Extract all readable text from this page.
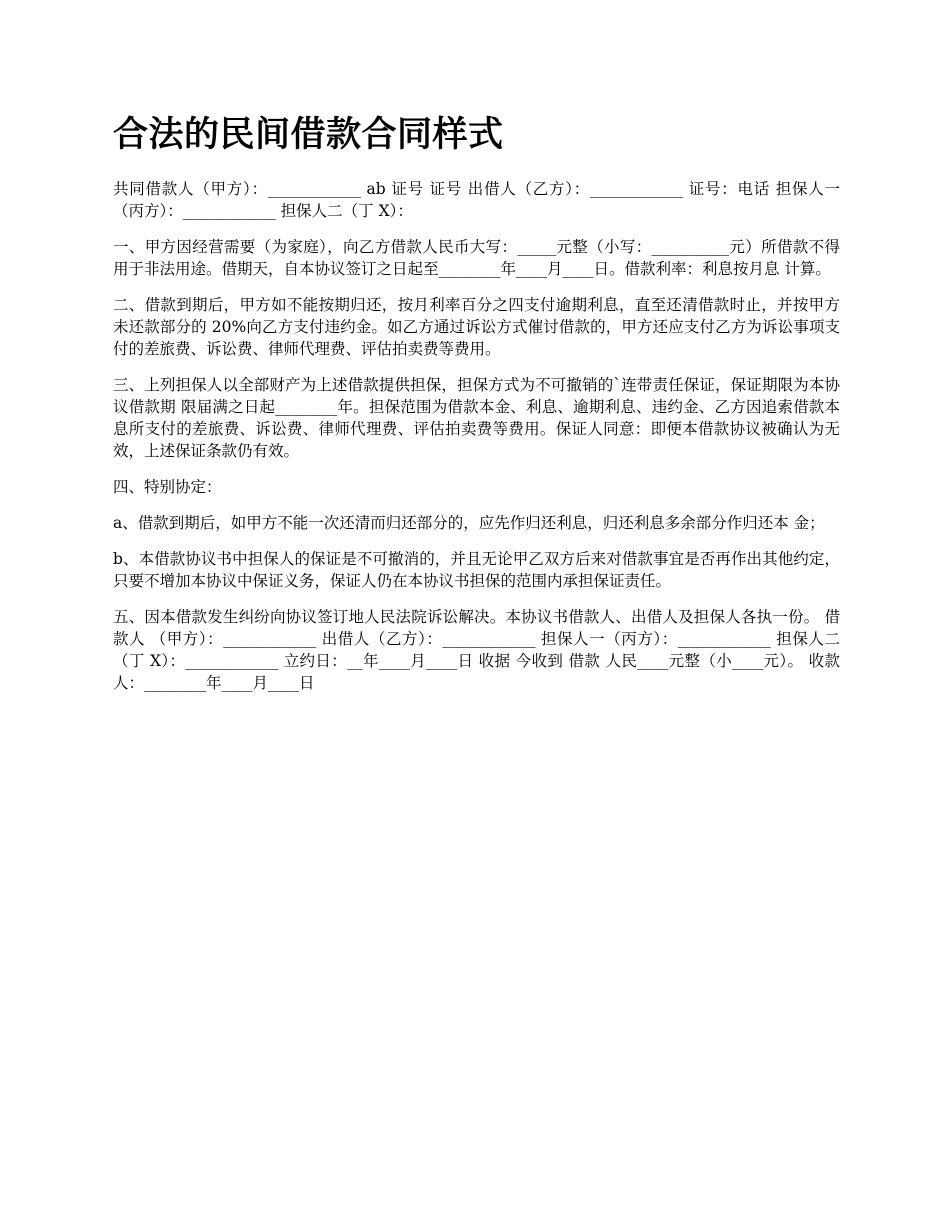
合法的民间借款合同样式

共同借款人（甲方）：____________ ab 证号 证号 出借人（乙方）：____________ 证号：电话 担保人一（丙方）：____________ 担保人二（丁 X）：

一、甲方因经营需要（为家庭），向乙方借款人民币大写：_____元整（小写：__________元）所借款不得用于非法用途。借期天，自本协议签订之日起至________年____月____日。借款利率：利息按月息 计算。

二、借款到期后，甲方如不能按期归还，按月利率百分之四支付逾期利息，直至还清借款时止，并按甲方未还款部分的 20%向乙方支付违约金。如乙方通过诉讼方式催讨借款的，甲方还应支付乙方为诉讼事项支付的差旅费、诉讼费、律师代理费、评估拍卖费等费用。

三、上列担保人以全部财产为上述借款提供担保，担保方式为不可撤销的`连带责任保证，保证期限为本协议借款期 限届满之日起________年。担保范围为借款本金、利息、逾期利息、违约金、乙方因追索借款本息所支付的差旅费、诉讼费、律师代理费、评估拍卖费等费用。保证人同意：即便本借款协议被确认为无效，上述保证条款仍有效。

四、特别协定：

a、借款到期后，如甲方不能一次还清而归还部分的，应先作归还利息，归还利息多余部分作归还本 金；

b、本借款协议书中担保人的保证是不可撤消的，并且无论甲乙双方后来对借款事宜是否再作出其他约定，只要不增加本协议中保证义务，保证人仍在本协议书担保的范围内承担保证责任。

五、因本借款发生纠纷向协议签订地人民法院诉讼解决。本协议书借款人、出借人及担保人各执一份。 借款人 （甲方）：____________ 出借人（乙方）：____________ 担保人一（丙方）：____________ 担保人二（丁 X）：____________ 立约日：__年____月____日 收据 今收到 借款 人民____元整（小____元）。 收款人：________年____月____日
